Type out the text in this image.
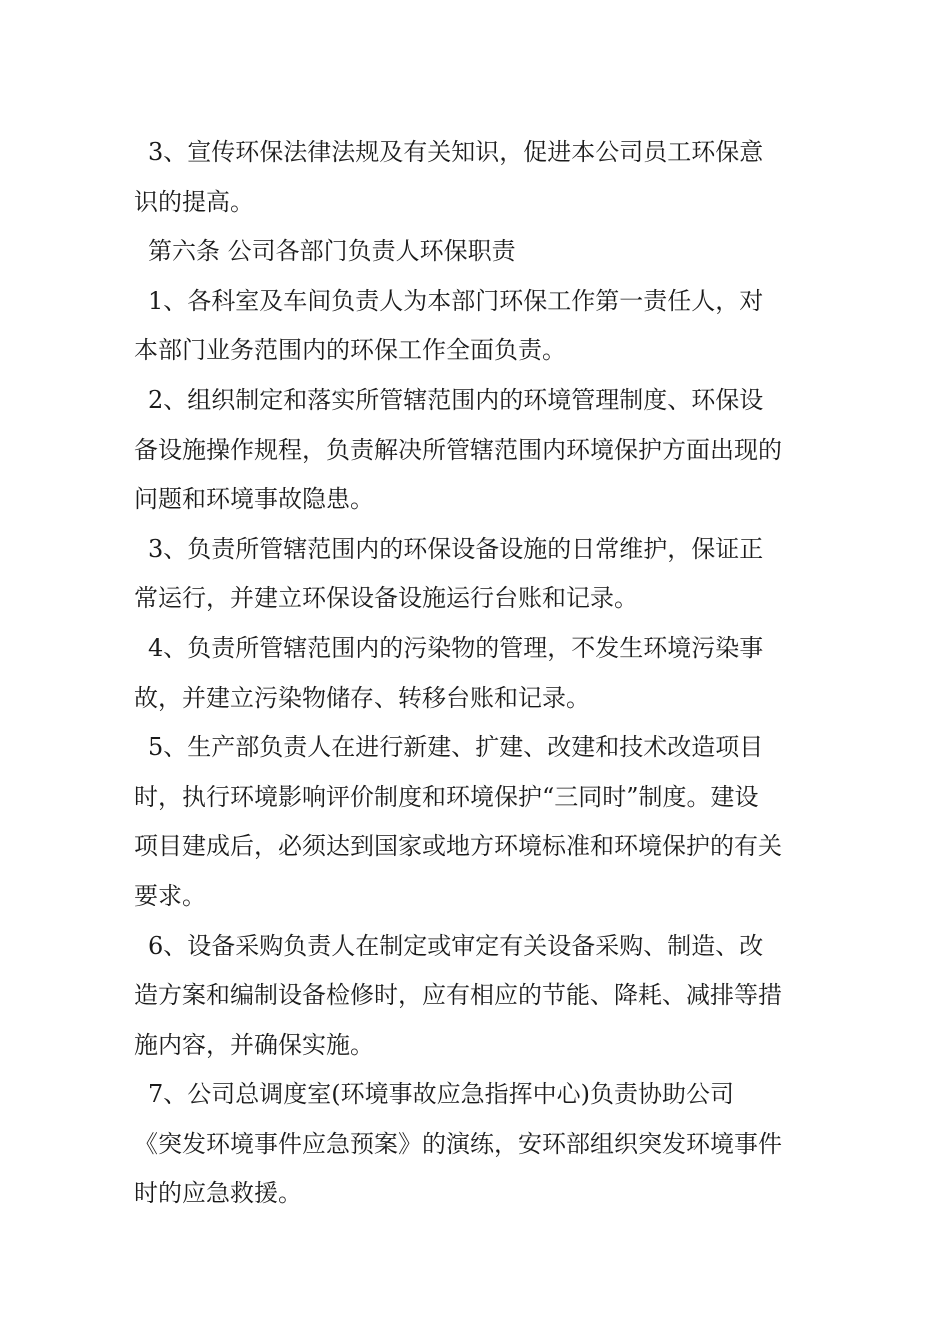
3、宣传环保法律法规及有关知识，促进本公司员工环保意
识的提高。
第六条 公司各部门负责人环保职责
1、各科室及车间负责人为本部门环保工作第一责任人，对
本部门业务范围内的环保工作全面负责。
2、组织制定和落实所管辖范围内的环境管理制度、环保设
备设施操作规程，负责解决所管辖范围内环境保护方面出现的
问题和环境事故隐患。
3、负责所管辖范围内的环保设备设施的日常维护，保证正
常运行，并建立环保设备设施运行台账和记录。
4、负责所管辖范围内的污染物的管理，不发生环境污染事
故，并建立污染物储存、转移台账和记录。
5、生产部负责人在进行新建、扩建、改建和技术改造项目
时，执行环境影响评价制度和环境保护“三同时”制度。建设
项目建成后，必须达到国家或地方环境标准和环境保护的有关
要求。
6、设备采购负责人在制定或审定有关设备采购、制造、改
造方案和编制设备检修时，应有相应的节能、降耗、减排等措
施内容，并确保实施。
7、公司总调度室(环境事故应急指挥中心)负责协助公司
《突发环境事件应急预案》的演练，安环部组织突发环境事件
时的应急救援。
